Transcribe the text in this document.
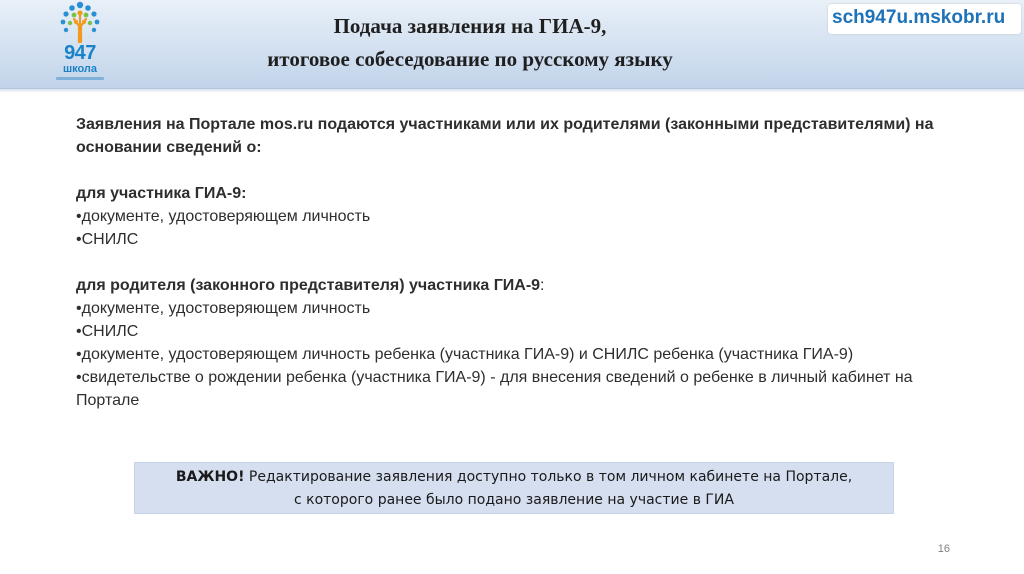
947
школа
Подача заявления на ГИА-9,
итоговое собеседование по русскому языку
sch947u.mskobr.ru

Заявления на Портале mos.ru подаются участниками или их родителями (законными представителями) на основании сведений о:

для участника ГИА-9:

•документе, удостоверяющем личность

•СНИЛС

для родителя (законного представителя) участника ГИА-9:

•документе, удостоверяющем личность

•СНИЛС

•документе, удостоверяющем личность ребенка (участника ГИА-9) и СНИЛС ребенка (участника ГИА-9)

•свидетельстве о рождении ребенка (участника ГИА-9) - для внесения сведений о ребенке в личный кабинет на Портале

ВАЖНО! Редактирование заявления доступно только в том личном кабинете на Портале,
с которого ранее было подано заявление на участие в ГИА
16
